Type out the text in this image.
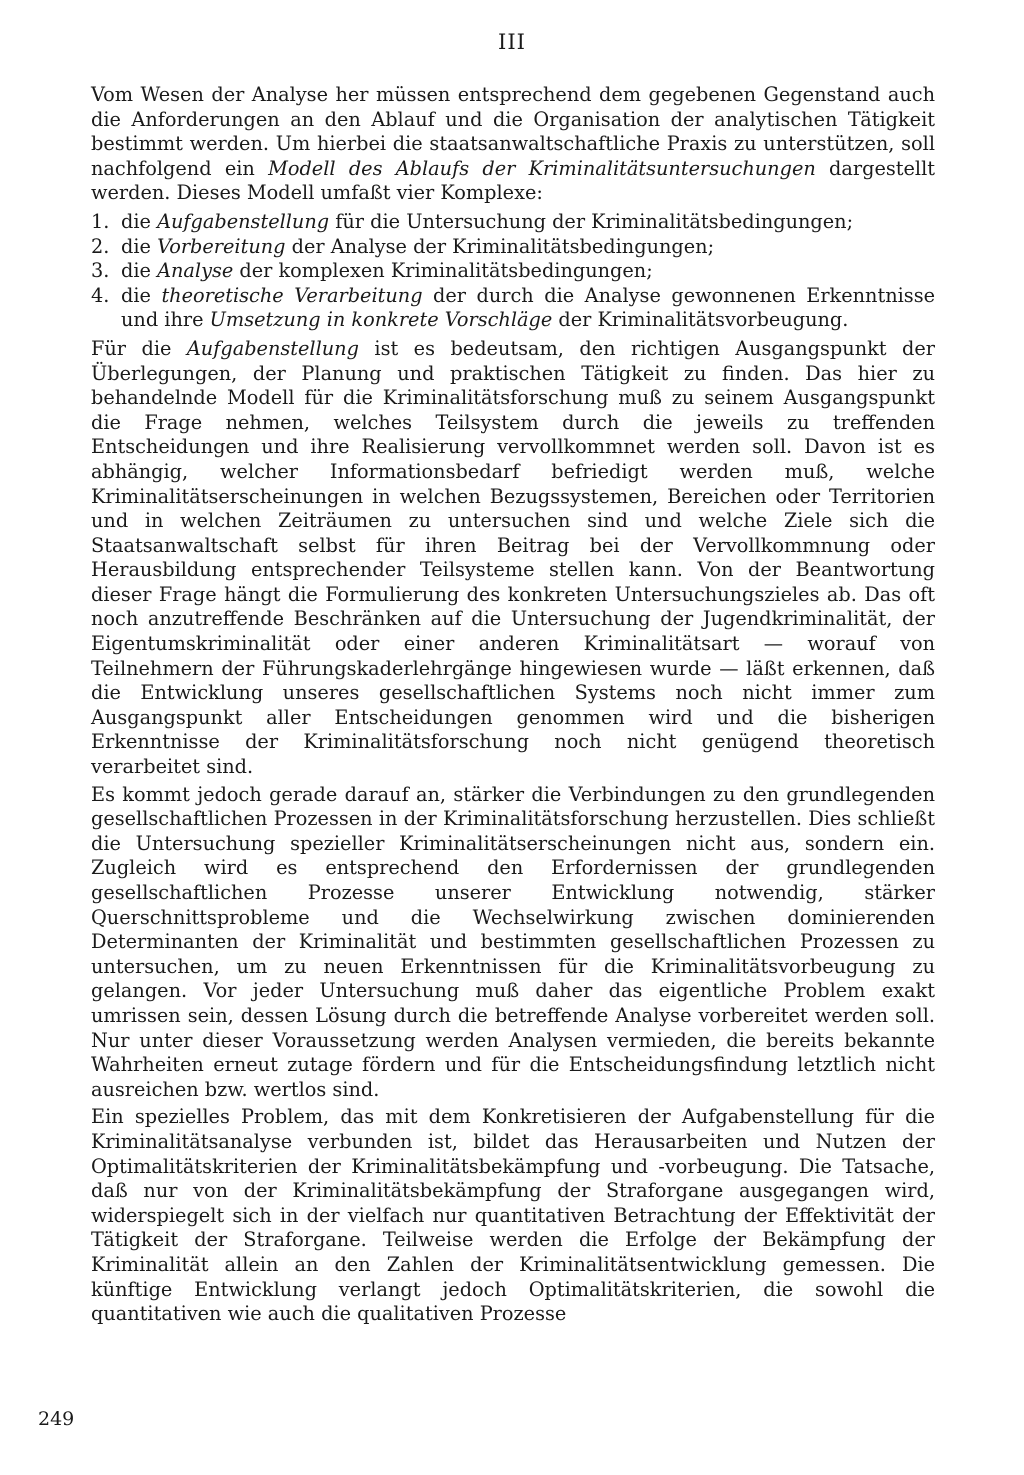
III

Vom Wesen der Analyse her müssen entsprechend dem gegebenen Gegenstand auch die Anforderungen an den Ablauf und die Organisation der analytischen Tätigkeit bestimmt werden. Um hierbei die staatsanwaltschaftliche Praxis zu unterstützen, soll nachfolgend ein Modell des Ablaufs der Kriminalitätsuntersuchungen dargestellt werden. Dieses Modell umfaßt vier Komplexe:

1. die Aufgabenstellung für die Untersuchung der Kriminalitätsbedingungen;
2. die Vorbereitung der Analyse der Kriminalitätsbedingungen;
3. die Analyse der komplexen Kriminalitätsbedingungen;
4. die theoretische Verarbeitung der durch die Analyse gewonnenen Erkenntnisse und ihre Umsetzung in konkrete Vorschläge der Kriminalitätsvorbeugung.

Für die Aufgabenstellung ist es bedeutsam, den richtigen Ausgangspunkt der Überlegungen, der Planung und praktischen Tätigkeit zu finden. Das hier zu behandelnde Modell für die Kriminalitätsforschung muß zu seinem Ausgangspunkt die Frage nehmen, welches Teilsystem durch die jeweils zu treffenden Entscheidungen und ihre Realisierung vervollkommnet werden soll. Davon ist es abhängig, welcher Informationsbedarf befriedigt werden muß, welche Kriminalitätserscheinungen in welchen Bezugssystemen, Bereichen oder Territorien und in welchen Zeiträumen zu untersuchen sind und welche Ziele sich die Staatsanwaltschaft selbst für ihren Beitrag bei der Vervollkommnung oder Herausbildung entsprechender Teilsysteme stellen kann. Von der Beantwortung dieser Frage hängt die Formulierung des konkreten Untersuchungszieles ab. Das oft noch anzutreffende Beschränken auf die Untersuchung der Jugendkriminalität, der Eigentumskriminalität oder einer anderen Kriminalitätsart — worauf von Teilnehmern der Führungskaderlehrgänge hingewiesen wurde — läßt erkennen, daß die Entwicklung unseres gesellschaftlichen Systems noch nicht immer zum Ausgangspunkt aller Entscheidungen genommen wird und die bisherigen Erkenntnisse der Kriminalitätsforschung noch nicht genügend theoretisch verarbeitet sind.

Es kommt jedoch gerade darauf an, stärker die Verbindungen zu den grundlegenden gesellschaftlichen Prozessen in der Kriminalitätsforschung herzustellen. Dies schließt die Untersuchung spezieller Kriminalitätserscheinungen nicht aus, sondern ein. Zugleich wird es entsprechend den Erfordernissen der grundlegenden gesellschaftlichen Prozesse unserer Entwicklung notwendig, stärker Querschnittsprobleme und die Wechselwirkung zwischen dominierenden Determinanten der Kriminalität und bestimmten gesellschaftlichen Prozessen zu untersuchen, um zu neuen Erkenntnissen für die Kriminalitätsvorbeugung zu gelangen. Vor jeder Untersuchung muß daher das eigentliche Problem exakt umrissen sein, dessen Lösung durch die betreffende Analyse vorbereitet werden soll. Nur unter dieser Voraussetzung werden Analysen vermieden, die bereits bekannte Wahrheiten erneut zutage fördern und für die Entscheidungsfindung letztlich nicht ausreichen bzw. wertlos sind.

Ein spezielles Problem, das mit dem Konkretisieren der Aufgabenstellung für die Kriminalitätsanalyse verbunden ist, bildet das Herausarbeiten und Nutzen der Optimalitätskriterien der Kriminalitätsbekämpfung und -vorbeugung. Die Tatsache, daß nur von der Kriminalitätsbekämpfung der Straforgane ausgegangen wird, widerspiegelt sich in der vielfach nur quantitativen Betrachtung der Effektivität der Tätigkeit der Straforgane. Teilweise werden die Erfolge der Bekämpfung der Kriminalität allein an den Zahlen der Kriminalitätsentwicklung gemessen. Die künftige Entwicklung verlangt jedoch Optimalitätskriterien, die sowohl die quantitativen wie auch die qualitativen Prozesse

249
